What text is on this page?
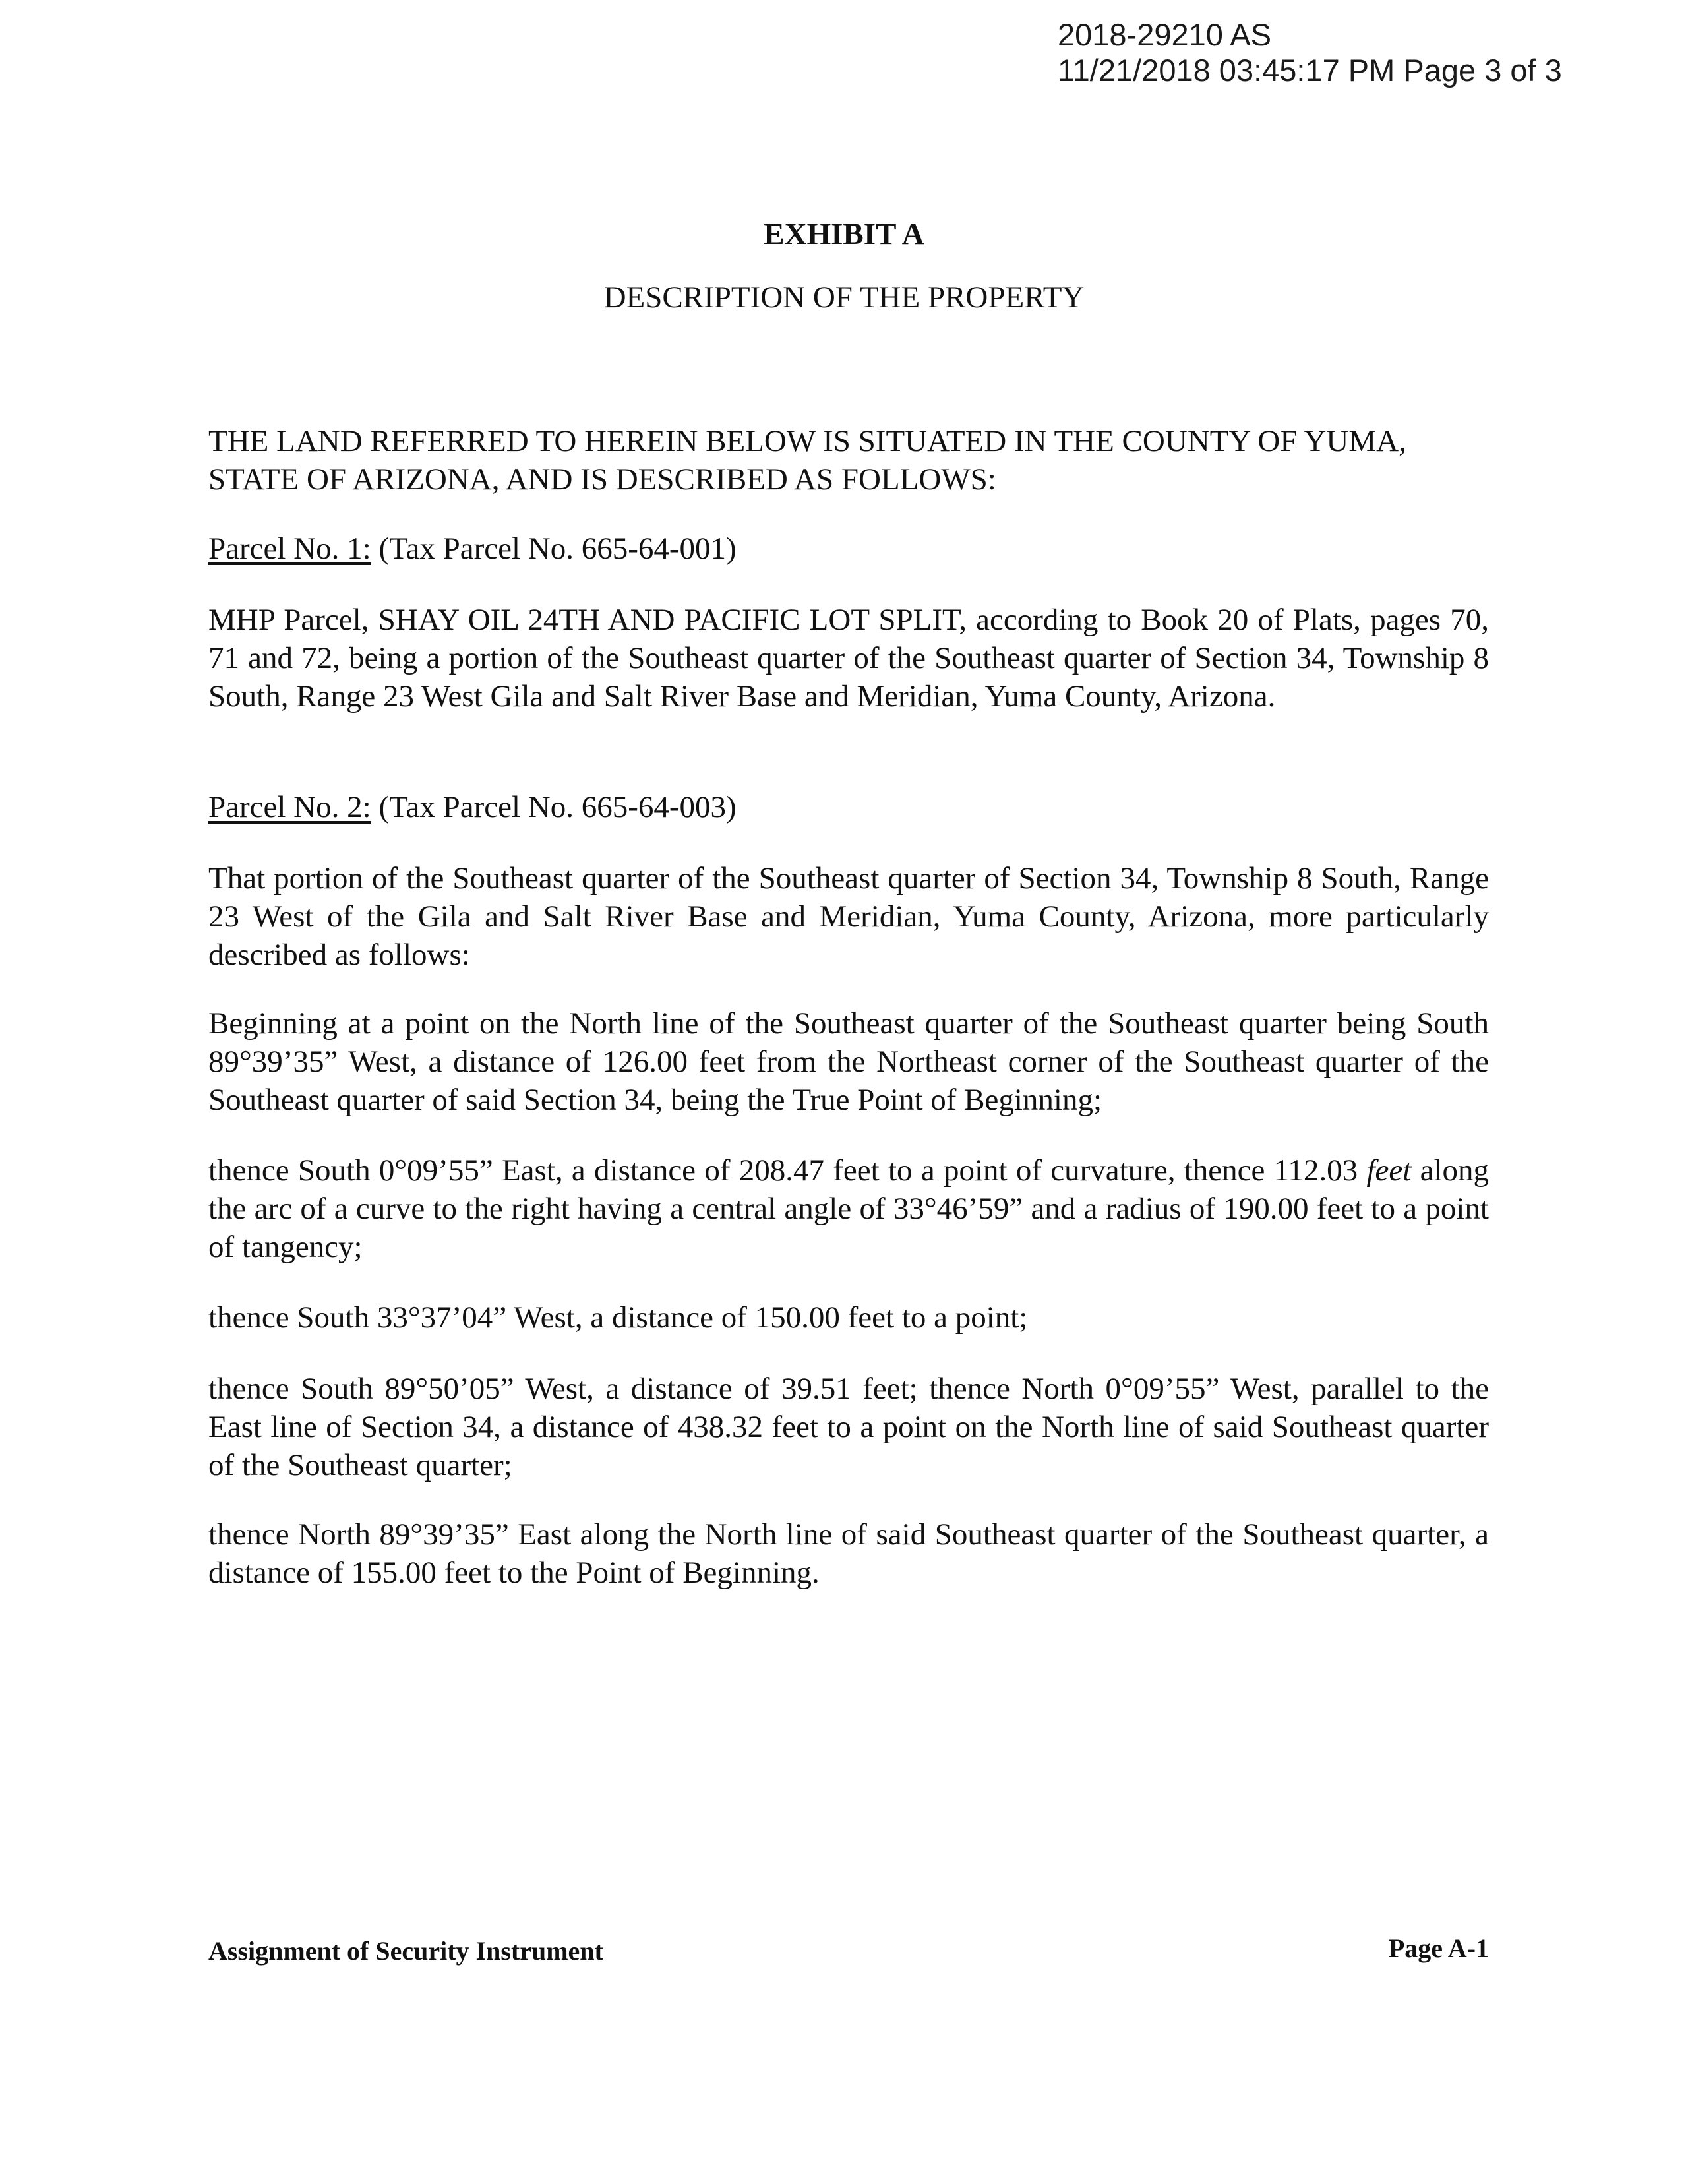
2018-29210 AS
11/21/2018 03:45:17 PM Page 3 of 3
EXHIBIT A
DESCRIPTION OF THE PROPERTY
THE LAND REFERRED TO HEREIN BELOW IS SITUATED IN THE COUNTY OF YUMA,
STATE OF ARIZONA, AND IS DESCRIBED AS FOLLOWS:
Parcel No. 1: (Tax Parcel No. 665-64-001)
MHP Parcel, SHAY OIL 24TH AND PACIFIC LOT SPLIT, according to Book 20 of Plats, pages 70, 71 and 72, being a portion of the Southeast quarter of the Southeast quarter of Section 34, Township 8 South, Range 23 West Gila and Salt River Base and Meridian, Yuma County, Arizona.
Parcel No. 2: (Tax Parcel No. 665-64-003)
That portion of the Southeast quarter of the Southeast quarter of Section 34, Township 8 South, Range 23 West of the Gila and Salt River Base and Meridian, Yuma County, Arizona, more particularly described as follows:
Beginning at a point on the North line of the Southeast quarter of the Southeast quarter being South 89°39’35” West, a distance of 126.00 feet from the Northeast corner of the Southeast quarter of the Southeast quarter of said Section 34, being the True Point of Beginning;
thence South 0°09’55” East, a distance of 208.47 feet to a point of curvature, thence 112.03 feet along the arc of a curve to the right having a central angle of 33°46’59” and a radius of 190.00 feet to a point of tangency;
thence South 33°37’04” West, a distance of 150.00 feet to a point;
thence South 89°50’05” West, a distance of 39.51 feet; thence North 0°09’55” West, parallel to the East line of Section 34, a distance of 438.32 feet to a point on the North line of said Southeast quarter of the Southeast quarter;
thence North 89°39’35” East along the North line of said Southeast quarter of the Southeast quarter, a distance of 155.00 feet to the Point of Beginning.
Assignment of Security Instrument	Page A-1
